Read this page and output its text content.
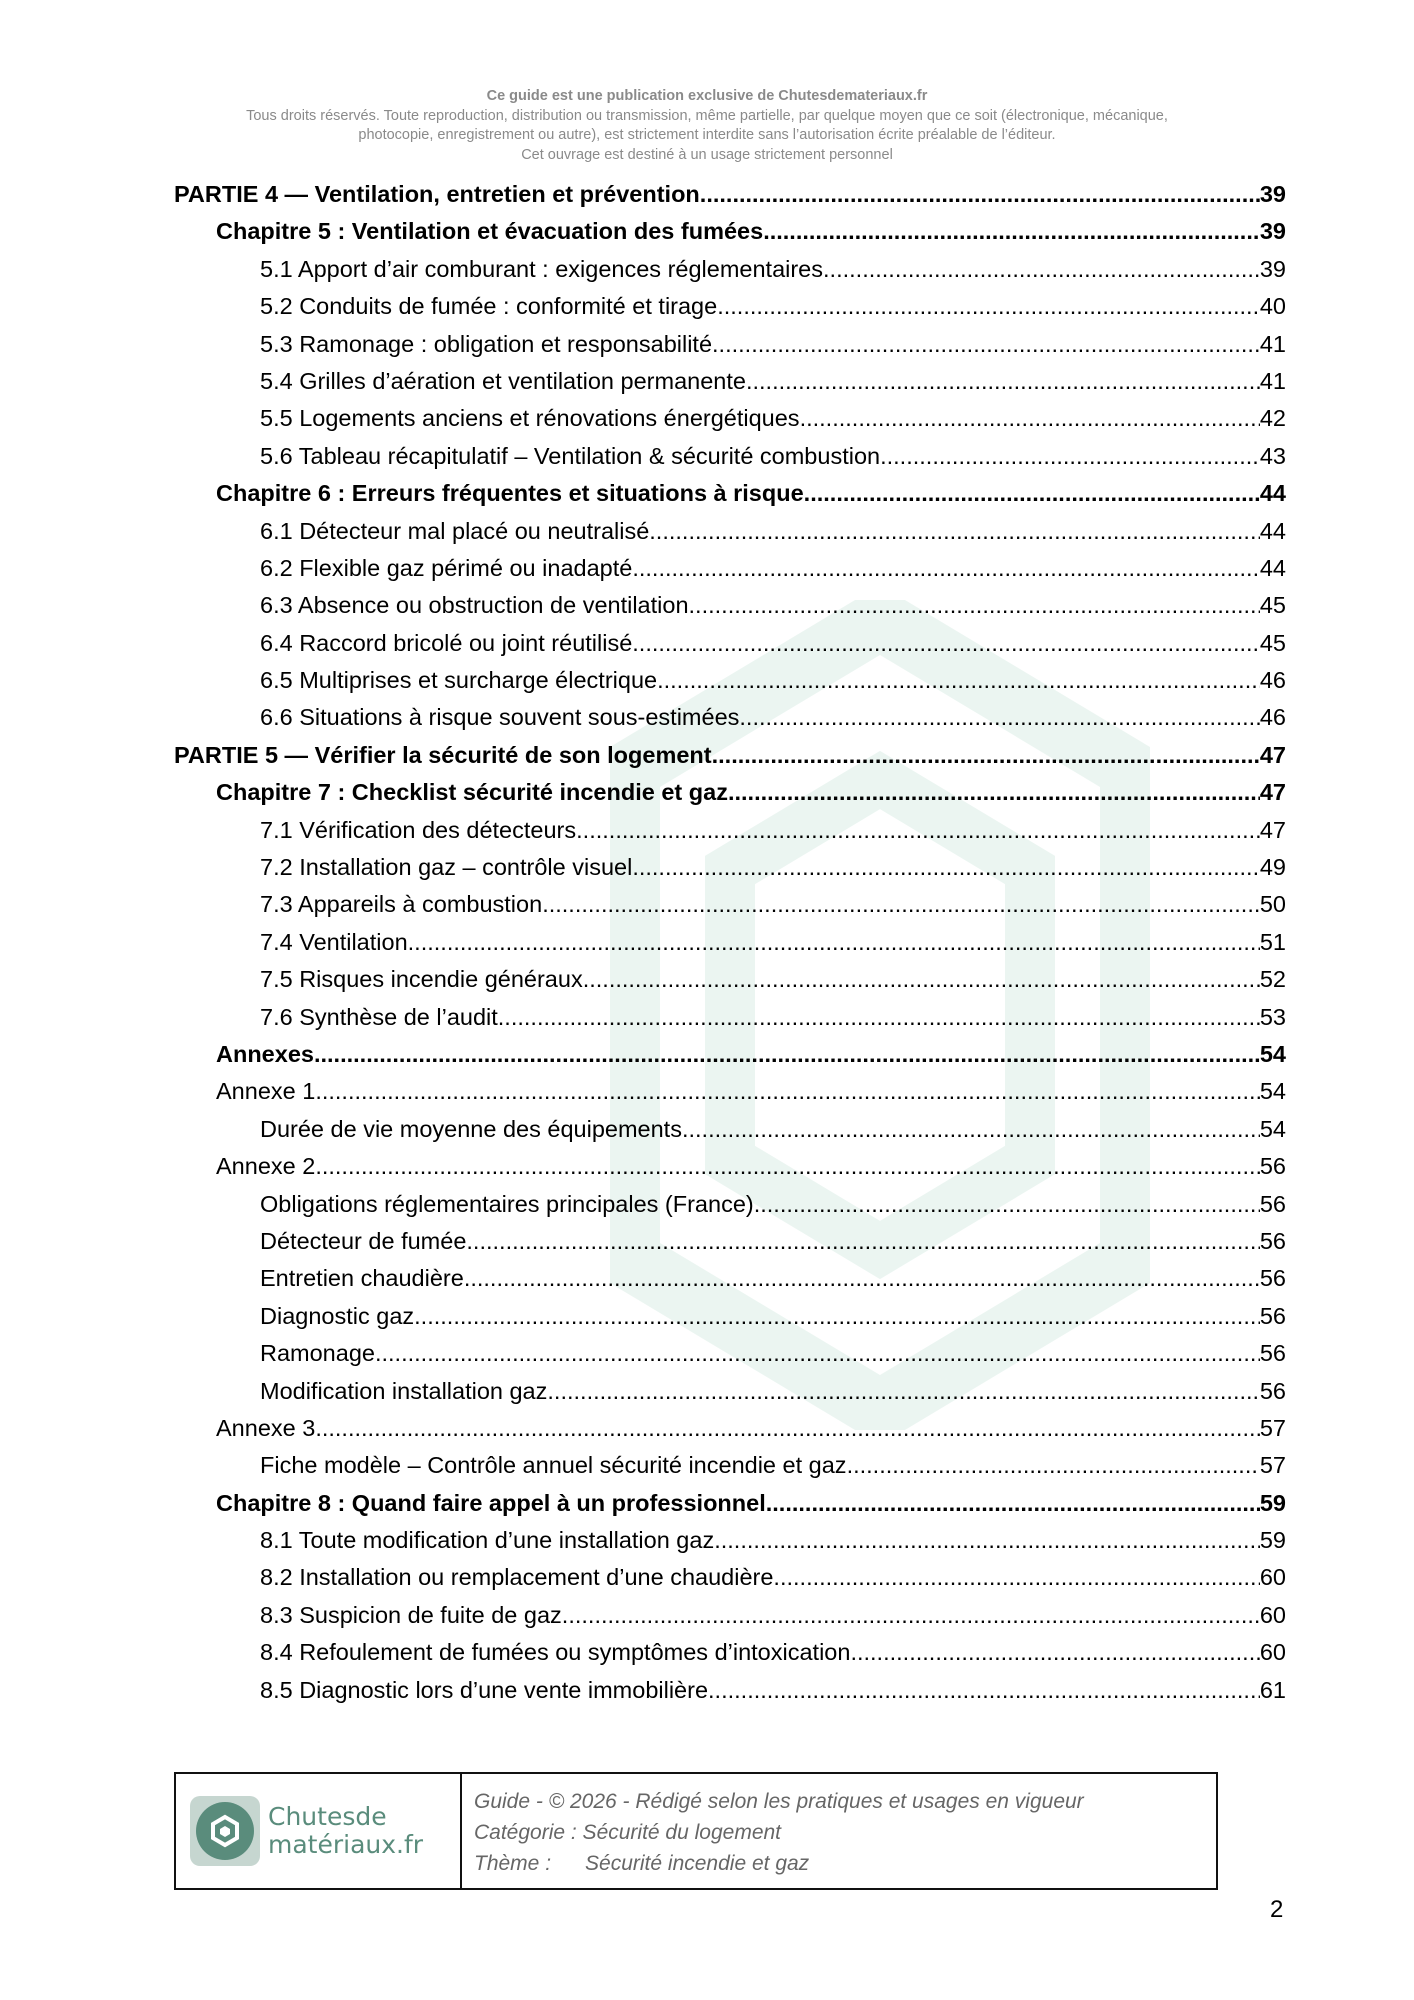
Ce guide est une publication exclusive de Chutesdemateriaux.fr
Tous droits réservés. Toute reproduction, distribution ou transmission, même partielle, par quelque moyen que ce soit (électronique, mécanique,
photocopie, enregistrement ou autre), est strictement interdite sans l’autorisation écrite préalable de l’éditeur.
Cet ouvrage est destiné à un usage strictement personnel
PARTIE 4 — Ventilation, entretien et prévention .....	39
Chapitre 5 : Ventilation et évacuation des fumées .....	39
5.1 Apport d’air comburant : exigences réglementaires .....	39
5.2 Conduits de fumée : conformité et tirage .....	40
5.3 Ramonage : obligation et responsabilité .....	41
5.4 Grilles d’aération et ventilation permanente .....	41
5.5 Logements anciens et rénovations énergétiques .....	42
5.6 Tableau récapitulatif – Ventilation & sécurité combustion .....	43
Chapitre 6 : Erreurs fréquentes et situations à risque .....	44
6.1 Détecteur mal placé ou neutralisé .....	44
6.2 Flexible gaz périmé ou inadapté .....	44
6.3 Absence ou obstruction de ventilation .....	45
6.4 Raccord bricolé ou joint réutilisé .....	45
6.5 Multiprises et surcharge électrique .....	46
6.6 Situations à risque souvent sous-estimées .....	46
PARTIE 5 — Vérifier la sécurité de son logement .....	47
Chapitre 7 : Checklist sécurité incendie et gaz .....	47
7.1 Vérification des détecteurs .....	47
7.2 Installation gaz – contrôle visuel .....	49
7.3 Appareils à combustion .....	50
7.4 Ventilation .....	51
7.5 Risques incendie généraux .....	52
7.6 Synthèse de l’audit .....	53
Annexes .....	54
Annexe 1 .....	54
Durée de vie moyenne des équipements .....	54
Annexe 2 .....	56
Obligations réglementaires principales (France) .....	56
Détecteur de fumée .....	56
Entretien chaudière .....	56
Diagnostic gaz .....	56
Ramonage .....	56
Modification installation gaz .....	56
Annexe 3 .....	57
Fiche modèle – Contrôle annuel sécurité incendie et gaz .....	57
Chapitre 8 : Quand faire appel à un professionnel .....	59
8.1 Toute modification d’une installation gaz .....	59
8.2 Installation ou remplacement d’une chaudière .....	60
8.3 Suspicion de fuite de gaz .....	60
8.4 Refoulement de fumées ou symptômes d’intoxication .....	60
8.5 Diagnostic lors d’une vente immobilière .....	61
Chutesde
matériaux.fr
Guide - © 2026 - Rédigé selon les pratiques et usages en vigueur
Catégorie : Sécurité du logement
Thème : Sécurité incendie et gaz
2
